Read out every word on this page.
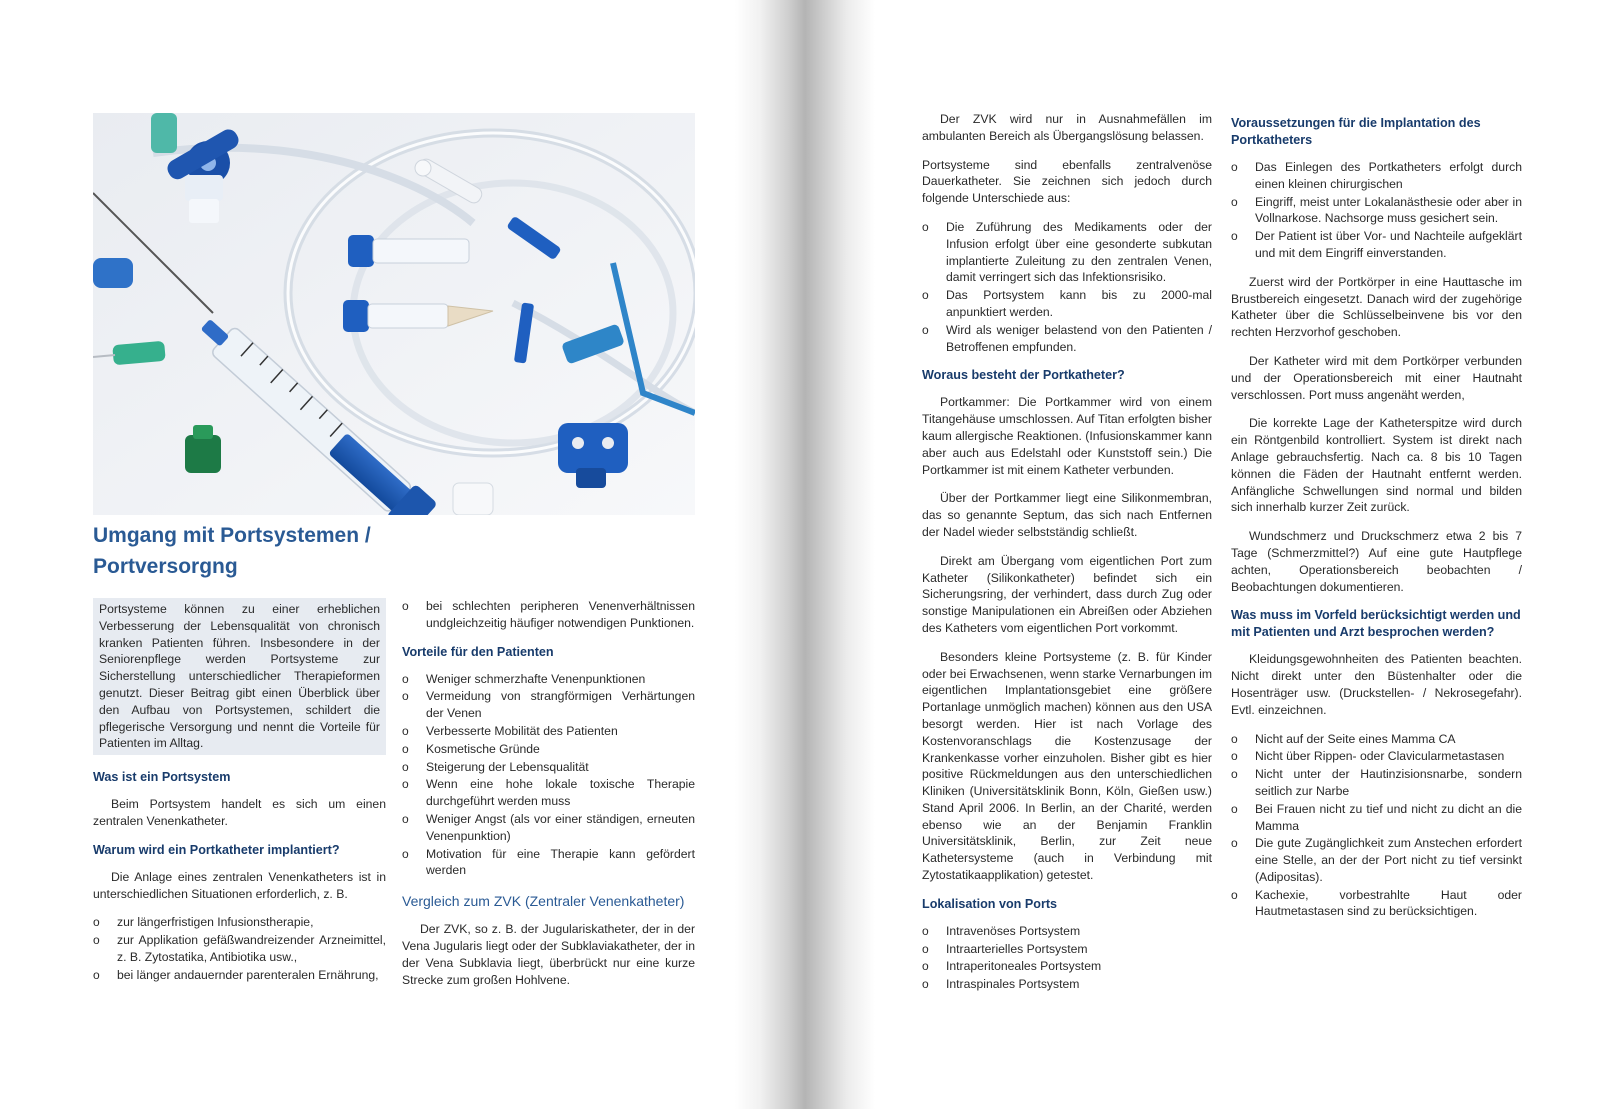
Umgang mit Portsystemen /
Portversorgng

Portsysteme können zu einer erheblichen Verbesserung der Lebensqualität von chronisch kranken Patienten führen. Insbesondere in der Seniorenpflege werden Portsysteme zur Sicherstellung unterschiedlicher Therapieformen genutzt. Dieser Beitrag gibt einen Überblick über den Aufbau von Portsystemen, schildert die pflegerische Versorgung und nennt die Vorteile für Patienten im Alltag.

Was ist ein Portsystem

Beim Portsystem handelt es sich um einen zentralen Venenkatheter.

Warum wird ein Portkatheter implantiert?

Die Anlage eines zentralen Venenkatheters ist in unterschiedlichen Situationen erforderlich, z. B.

o zur längerfristigen Infusionstherapie,
o zur Applikation gefäßwandreizender Arzneimittel, z. B. Zytostatika, Antibiotika usw.,
o bei länger andauernder parenteralen Ernährung,
o bei schlechten peripheren Venenverhältnissen undgleichzeitig häufiger notwendigen Punktionen.
Vorteile für den Patienten
o Weniger schmerzhafte Venenpunktionen
o Vermeidung von strangförmigen Verhärtungen der Venen
o Verbesserte Mobilität des Patienten
o Kosmetische Gründe
o Steigerung der Lebensqualität
o Wenn eine hohe lokale toxische Therapie durchgeführt werden muss
o Weniger Angst (als vor einer ständigen, erneuten Venenpunktion)
o Motivation für eine Therapie kann gefördert werden
Vergleich zum ZVK (Zentraler Venenkatheter)

Der ZVK, so z. B. der Jugulariskatheter, der in der Vena Jugularis liegt oder der Subklaviakatheter, der in der Vena Subklavia liegt, überbrückt nur eine kurze Strecke zum großen Hohlvene.

Der ZVK wird nur in Ausnahmefällen im ambulanten Bereich als Übergangslösung belassen.

Portsysteme sind ebenfalls zentralvenöse Dauerkatheter. Sie zeichnen sich jedoch durch folgende Unterschiede aus:

o Die Zuführung des Medikaments oder der Infusion erfolgt über eine gesonderte subkutan implantierte Zuleitung zu den zentralen Venen, damit verringert sich das Infektionsrisiko.
o Das Portsystem kann bis zu 2000-mal anpunktiert werden.
o Wird als weniger belastend von den Patienten / Betroffenen empfunden.
Woraus besteht der Portkatheter?

Portkammer: Die Portkammer wird von einem Titangehäuse umschlossen. Auf Titan erfolgten bisher kaum allergische Reaktionen. (Infusionskammer kann aber auch aus Edelstahl oder Kunststoff sein.) Die Portkammer ist mit einem Katheter verbunden.

Über der Portkammer liegt eine Silikonmembran, das so genannte Septum, das sich nach Entfernen der Nadel wieder selbstständig schließt.

Direkt am Übergang vom eigentlichen Port zum Katheter (Silikonkatheter) befindet sich ein Sicherungsring, der verhindert, dass durch Zug oder sonstige Manipulationen ein Abreißen oder Abziehen des Katheters vom eigentlichen Port vorkommt.

Besonders kleine Portsysteme (z. B. für Kinder oder bei Erwachsenen, wenn starke Vernarbungen im eigentlichen Implantationsgebiet eine größere Portanlage unmöglich machen) können aus den USA besorgt werden. Hier ist nach Vorlage des Kostenvoranschlags die Kostenzusage der Krankenkasse vorher einzuholen. Bisher gibt es hier positive Rückmeldungen aus den unterschiedlichen Kliniken (Universitätsklinik Bonn, Köln, Gießen usw.) Stand April 2006. In Berlin, an der Charité, werden ebenso wie an der Benjamin Franklin Universitätsklinik, Berlin, zur Zeit neue Kathetersysteme (auch in Verbindung mit Zytostatikaapplikation) getestet.

Lokalisation von Ports
o Intravenöses Portsystem
o Intraarterielles Portsystem
o Intraperitoneales Portsystem
o Intraspinales Portsystem
Voraussetzungen für die Implantation des Portkatheters
o Das Einlegen des Portkatheters erfolgt durch einen kleinen chirurgischen
o Eingriff, meist unter Lokalanästhesie oder aber in Vollnarkose. Nachsorge muss gesichert sein.
o Der Patient ist über Vor- und Nachteile aufgeklärt und mit dem Eingriff einverstanden.

Zuerst wird der Portkörper in eine Hauttasche im Brustbereich eingesetzt. Danach wird der zugehörige Katheter über die Schlüsselbeinvene bis vor den rechten Herzvorhof geschoben.

Der Katheter wird mit dem Portkörper verbunden und der Operationsbereich mit einer Hautnaht verschlossen. Port muss angenäht werden,

Die korrekte Lage der Katheterspitze wird durch ein Röntgenbild kontrolliert. System ist direkt nach Anlage gebrauchsfertig. Nach ca. 8 bis 10 Tagen können die Fäden der Hautnaht entfernt werden. Anfängliche Schwellungen sind normal und bilden sich innerhalb kurzer Zeit zurück.

Wundschmerz und Druckschmerz etwa 2 bis 7 Tage (Schmerzmittel?) Auf eine gute Hautpflege achten, Operationsbereich beobachten / Beobachtungen dokumentieren.

Was muss im Vorfeld berücksichtigt werden und mit Patienten und Arzt besprochen werden?

Kleidungsgewohnheiten des Patienten beachten. Nicht direkt unter den Büstenhalter oder die Hosenträger usw. (Druckstellen- / Nekrosegefahr). Evtl. einzeichnen.

o Nicht auf der Seite eines Mamma CA
o Nicht über Rippen- oder Clavicularmetastasen
o Nicht unter der Hautinzisionsnarbe, sondern seitlich zur Narbe
o Bei Frauen nicht zu tief und nicht zu dicht an die Mamma
o Die gute Zugänglichkeit zum Anstechen erfordert eine Stelle, an der der Port nicht zu tief versinkt (Adipositas).
o Kachexie, vorbestrahlte Haut oder Hautmetastasen sind zu berücksichtigen.
